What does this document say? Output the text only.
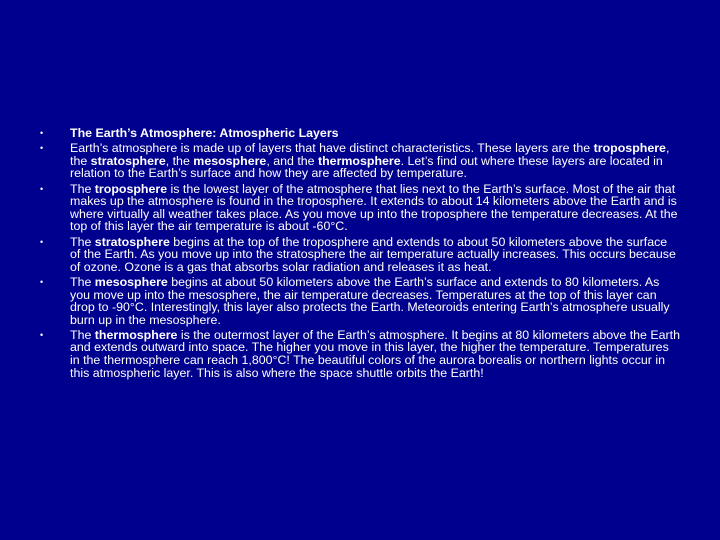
• The Earth’s Atmosphere: Atmospheric Layers
• Earth’s atmosphere is made up of layers that have distinct characteristics. These layers are the troposphere, the stratosphere, the mesosphere, and the thermosphere. Let’s find out where these layers are located in relation to the Earth’s surface and how they are affected by temperature.
• The troposphere is the lowest layer of the atmosphere that lies next to the Earth’s surface. Most of the air that makes up the atmosphere is found in the troposphere. It extends to about 14 kilometers above the Earth and is where virtually all weather takes place. As you move up into the troposphere the temperature decreases. At the top of this layer the air temperature is about -60°C.
• The stratosphere begins at the top of the troposphere and extends to about 50 kilometers above the surface of the Earth. As you move up into the stratosphere the air temperature actually increases. This occurs because of ozone. Ozone is a gas that absorbs solar radiation and releases it as heat.
• The mesosphere begins at about 50 kilometers above the Earth’s surface and extends to 80 kilometers. As you move up into the mesosphere, the air temperature decreases. Temperatures at the top of this layer can drop to -90°C. Interestingly, this layer also protects the Earth. Meteoroids entering Earth’s atmosphere usually burn up in the mesosphere.
• The thermosphere is the outermost layer of the Earth’s atmosphere. It begins at 80 kilometers above the Earth and extends outward into space. The higher you move in this layer, the higher the temperature. Temperatures in the thermosphere can reach 1,800°C! The beautiful colors of the aurora borealis or northern lights occur in this atmospheric layer. This is also where the space shuttle orbits the Earth!
